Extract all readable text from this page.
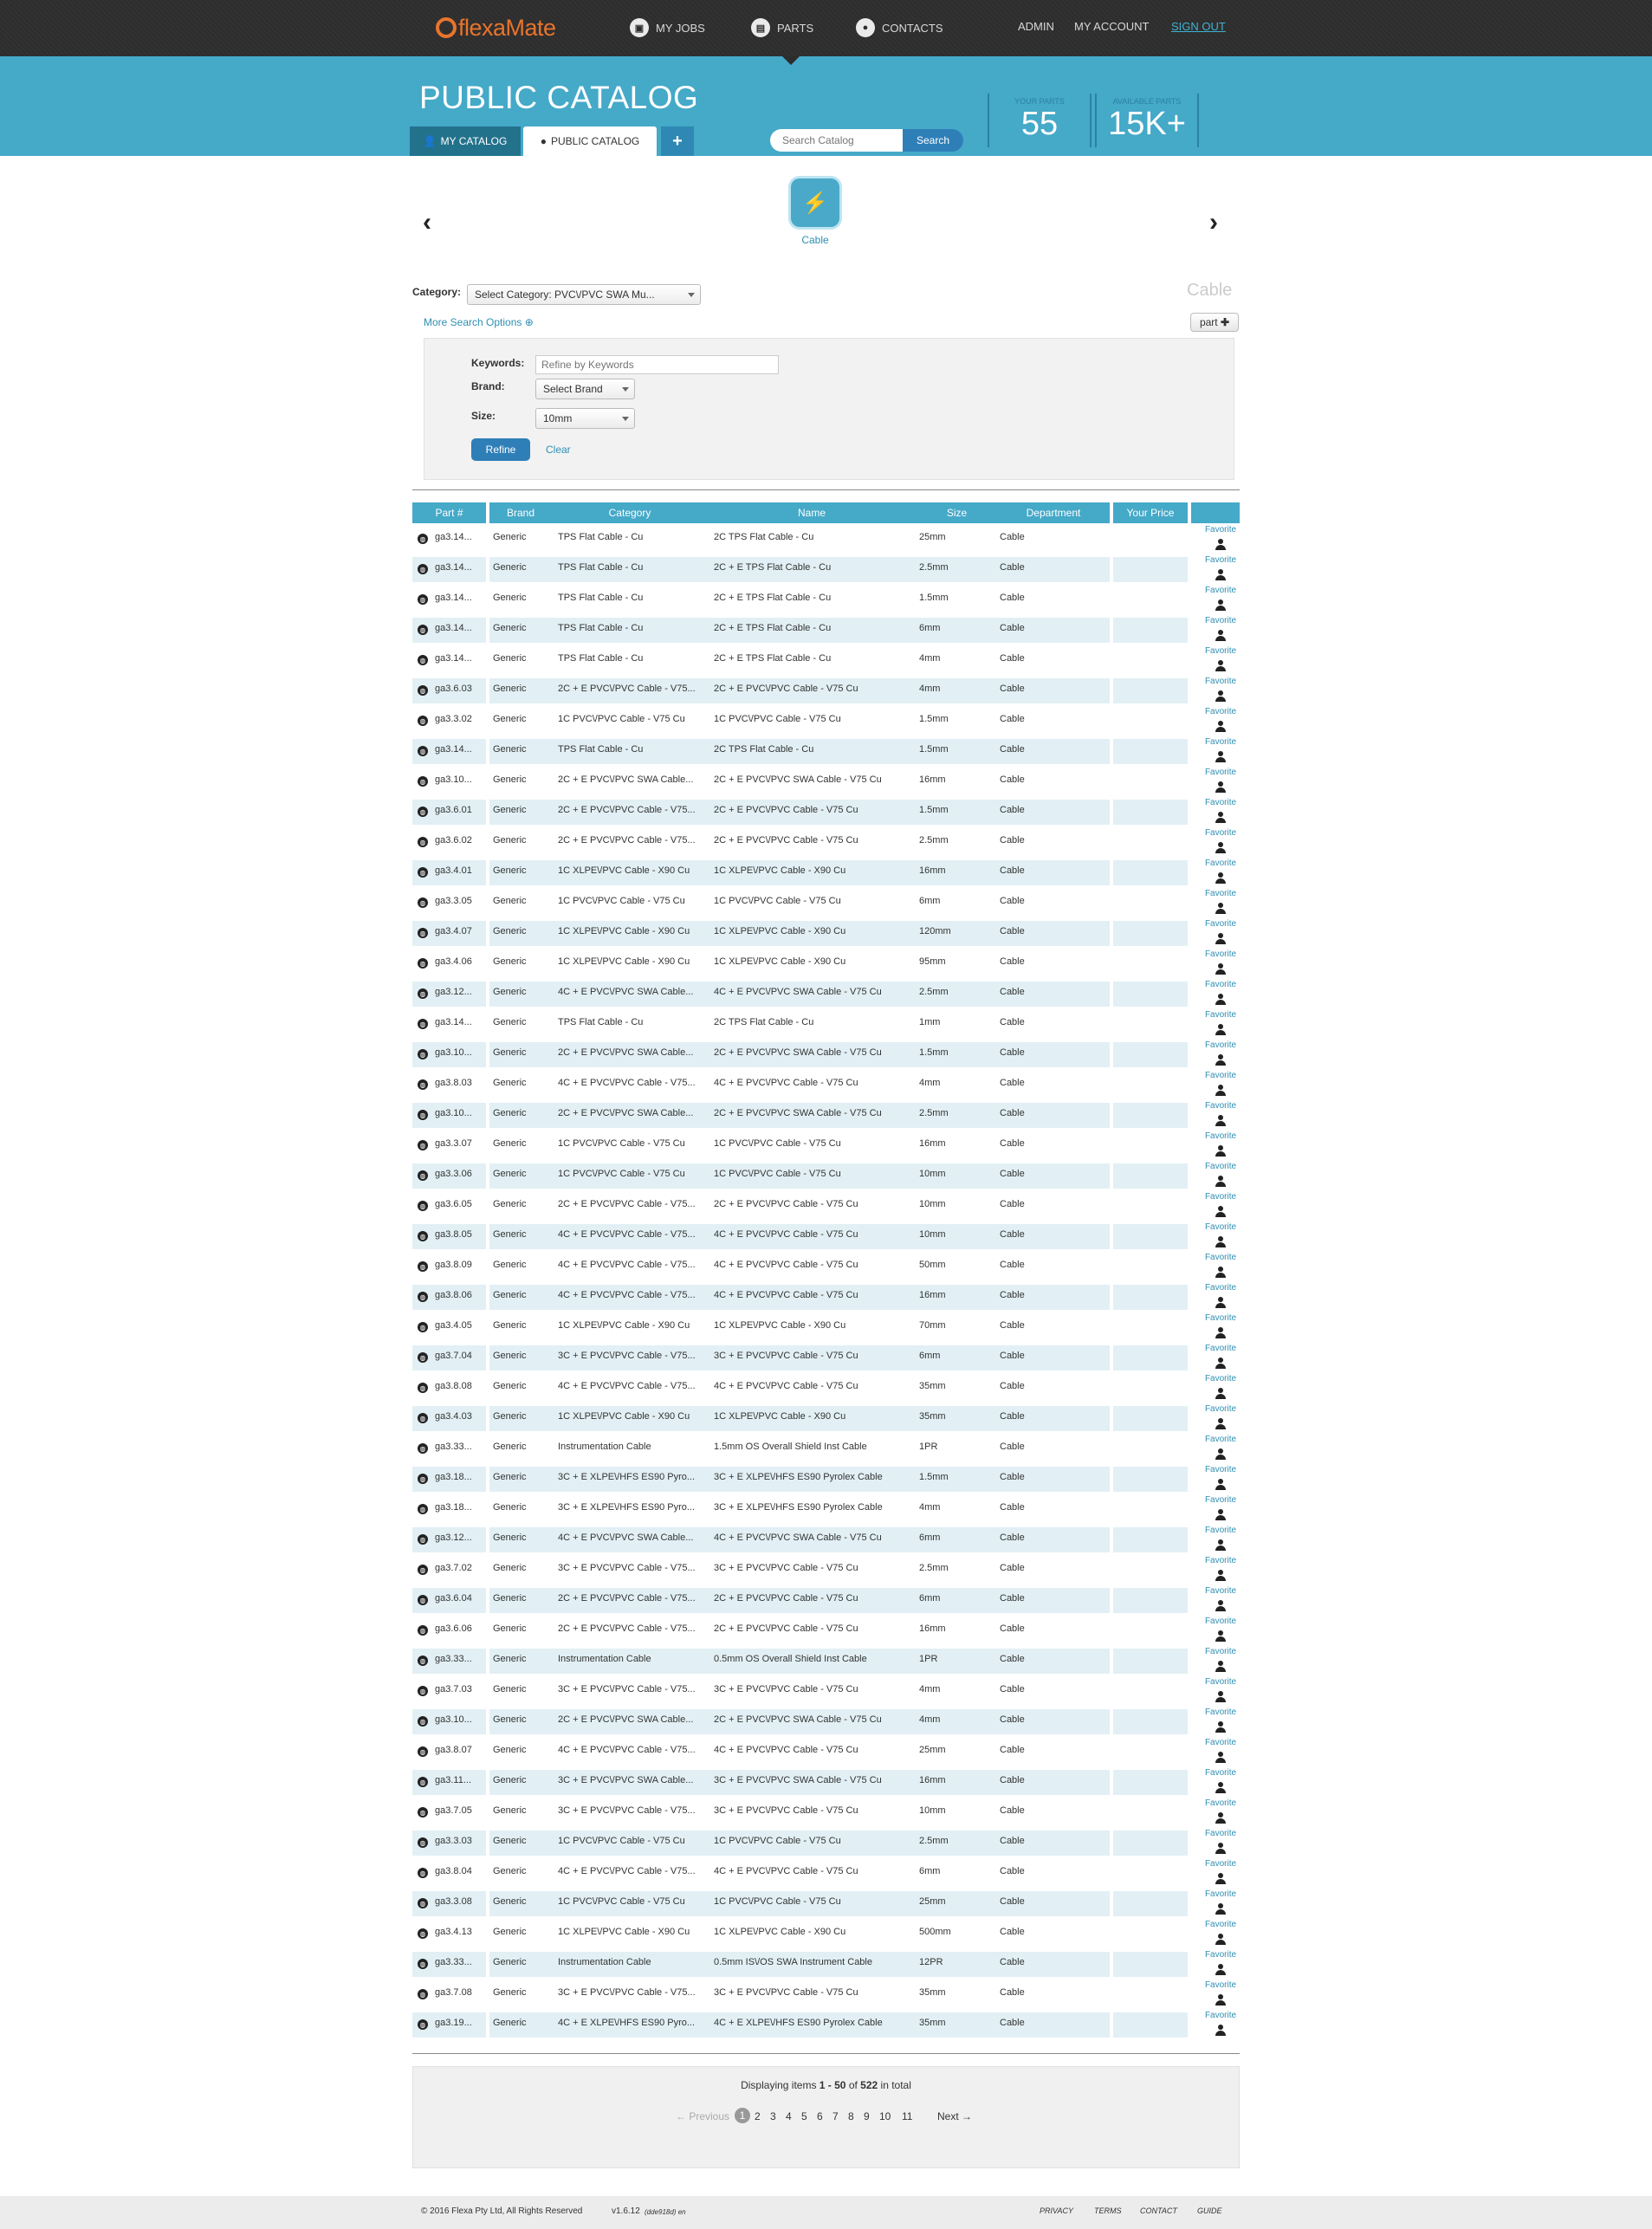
flexaMate	▣	MY JOBS	▤	PARTS	●	CONTACTS	ADMIN MY ACCOUNT SIGN OUT
PUBLIC CATALOG
👤 MY CATALOG	● PUBLIC CATALOG	+
Search Catalog	Search
YOUR PARTS
55
AVAILABLE PARTS
15K+
‹	›
⚡
Cable
Category:	Select Category: PVC\/PVC SWA Mu...	Cable
More Search Options ⊕	part
✚
Keywords:
Refine by Keywords
Brand:	Select Brand
Size:	10mm
Refine	Clear
Part #	Brand	Category	Name	Size	Department	Your Price
◍ ga3.14...	Generic	TPS Flat Cable - Cu	2C TPS Flat Cable - Cu	25mm	Cable
Favorite
◍ ga3.14...	Generic	TPS Flat Cable - Cu	2C + E TPS Flat Cable - Cu	2.5mm	Cable
Favorite
◍ ga3.14...	Generic	TPS Flat Cable - Cu	2C + E TPS Flat Cable - Cu	1.5mm	Cable
Favorite
◍ ga3.14...	Generic	TPS Flat Cable - Cu	2C + E TPS Flat Cable - Cu	6mm	Cable
Favorite
◍ ga3.14...	Generic	TPS Flat Cable - Cu	2C + E TPS Flat Cable - Cu	4mm	Cable
Favorite
◍ ga3.6.03	Generic	2C + E PVC\/PVC Cable - V75...	2C + E PVC\/PVC Cable - V75 Cu	4mm	Cable
Favorite
◍ ga3.3.02	Generic	1C PVC\/PVC Cable - V75 Cu	1C PVC\/PVC Cable - V75 Cu	1.5mm	Cable
Favorite
◍ ga3.14...	Generic	TPS Flat Cable - Cu	2C TPS Flat Cable - Cu	1.5mm	Cable
Favorite
◍ ga3.10...	Generic	2C + E PVC\/PVC SWA Cable...	2C + E PVC\/PVC SWA Cable - V75 Cu	16mm	Cable
Favorite
◍ ga3.6.01	Generic	2C + E PVC\/PVC Cable - V75...	2C + E PVC\/PVC Cable - V75 Cu	1.5mm	Cable
Favorite
◍ ga3.6.02	Generic	2C + E PVC\/PVC Cable - V75...	2C + E PVC\/PVC Cable - V75 Cu	2.5mm	Cable
Favorite
◍ ga3.4.01	Generic	1C XLPE\/PVC Cable - X90 Cu	1C XLPE\/PVC Cable - X90 Cu	16mm	Cable
Favorite
◍ ga3.3.05	Generic	1C PVC\/PVC Cable - V75 Cu	1C PVC\/PVC Cable - V75 Cu	6mm	Cable
Favorite
◍ ga3.4.07	Generic	1C XLPE\/PVC Cable - X90 Cu	1C XLPE\/PVC Cable - X90 Cu	120mm	Cable
Favorite
◍ ga3.4.06	Generic	1C XLPE\/PVC Cable - X90 Cu	1C XLPE\/PVC Cable - X90 Cu	95mm	Cable
Favorite
◍ ga3.12...	Generic	4C + E PVC\/PVC SWA Cable...	4C + E PVC\/PVC SWA Cable - V75 Cu	2.5mm	Cable
Favorite
◍ ga3.14...	Generic	TPS Flat Cable - Cu	2C TPS Flat Cable - Cu	1mm	Cable
Favorite
◍ ga3.10...	Generic	2C + E PVC\/PVC SWA Cable...	2C + E PVC\/PVC SWA Cable - V75 Cu	1.5mm	Cable
Favorite
◍ ga3.8.03	Generic	4C + E PVC\/PVC Cable - V75...	4C + E PVC\/PVC Cable - V75 Cu	4mm	Cable
Favorite
◍ ga3.10...	Generic	2C + E PVC\/PVC SWA Cable...	2C + E PVC\/PVC SWA Cable - V75 Cu	2.5mm	Cable
Favorite
◍ ga3.3.07	Generic	1C PVC\/PVC Cable - V75 Cu	1C PVC\/PVC Cable - V75 Cu	16mm	Cable
Favorite
◍ ga3.3.06	Generic	1C PVC\/PVC Cable - V75 Cu	1C PVC\/PVC Cable - V75 Cu	10mm	Cable
Favorite
◍ ga3.6.05	Generic	2C + E PVC\/PVC Cable - V75...	2C + E PVC\/PVC Cable - V75 Cu	10mm	Cable
Favorite
◍ ga3.8.05	Generic	4C + E PVC\/PVC Cable - V75...	4C + E PVC\/PVC Cable - V75 Cu	10mm	Cable
Favorite
◍ ga3.8.09	Generic	4C + E PVC\/PVC Cable - V75...	4C + E PVC\/PVC Cable - V75 Cu	50mm	Cable
Favorite
◍ ga3.8.06	Generic	4C + E PVC\/PVC Cable - V75...	4C + E PVC\/PVC Cable - V75 Cu	16mm	Cable
Favorite
◍ ga3.4.05	Generic	1C XLPE\/PVC Cable - X90 Cu	1C XLPE\/PVC Cable - X90 Cu	70mm	Cable
Favorite
◍ ga3.7.04	Generic	3C + E PVC\/PVC Cable - V75...	3C + E PVC\/PVC Cable - V75 Cu	6mm	Cable
Favorite
◍ ga3.8.08	Generic	4C + E PVC\/PVC Cable - V75...	4C + E PVC\/PVC Cable - V75 Cu	35mm	Cable
Favorite
◍ ga3.4.03	Generic	1C XLPE\/PVC Cable - X90 Cu	1C XLPE\/PVC Cable - X90 Cu	35mm	Cable
Favorite
◍ ga3.33...	Generic	Instrumentation Cable	1.5mm OS Overall Shield Inst Cable	1PR	Cable
Favorite
◍ ga3.18...	Generic	3C + E XLPE\/HFS ES90 Pyro...	3C + E XLPE\/HFS ES90 Pyrolex Cable	1.5mm	Cable
Favorite
◍ ga3.18...	Generic	3C + E XLPE\/HFS ES90 Pyro...	3C + E XLPE\/HFS ES90 Pyrolex Cable	4mm	Cable
Favorite
◍ ga3.12...	Generic	4C + E PVC\/PVC SWA Cable...	4C + E PVC\/PVC SWA Cable - V75 Cu	6mm	Cable
Favorite
◍ ga3.7.02	Generic	3C + E PVC\/PVC Cable - V75...	3C + E PVC\/PVC Cable - V75 Cu	2.5mm	Cable
Favorite
◍ ga3.6.04	Generic	2C + E PVC\/PVC Cable - V75...	2C + E PVC\/PVC Cable - V75 Cu	6mm	Cable
Favorite
◍ ga3.6.06	Generic	2C + E PVC\/PVC Cable - V75...	2C + E PVC\/PVC Cable - V75 Cu	16mm	Cable
Favorite
◍ ga3.33...	Generic	Instrumentation Cable	0.5mm OS Overall Shield Inst Cable	1PR	Cable
Favorite
◍ ga3.7.03	Generic	3C + E PVC\/PVC Cable - V75...	3C + E PVC\/PVC Cable - V75 Cu	4mm	Cable
Favorite
◍ ga3.10...	Generic	2C + E PVC\/PVC SWA Cable...	2C + E PVC\/PVC SWA Cable - V75 Cu	4mm	Cable
Favorite
◍ ga3.8.07	Generic	4C + E PVC\/PVC Cable - V75...	4C + E PVC\/PVC Cable - V75 Cu	25mm	Cable
Favorite
◍ ga3.11...	Generic	3C + E PVC\/PVC SWA Cable...	3C + E PVC\/PVC SWA Cable - V75 Cu	16mm	Cable
Favorite
◍ ga3.7.05	Generic	3C + E PVC\/PVC Cable - V75...	3C + E PVC\/PVC Cable - V75 Cu	10mm	Cable
Favorite
◍ ga3.3.03	Generic	1C PVC\/PVC Cable - V75 Cu	1C PVC\/PVC Cable - V75 Cu	2.5mm	Cable
Favorite
◍ ga3.8.04	Generic	4C + E PVC\/PVC Cable - V75...	4C + E PVC\/PVC Cable - V75 Cu	6mm	Cable
Favorite
◍ ga3.3.08	Generic	1C PVC\/PVC Cable - V75 Cu	1C PVC\/PVC Cable - V75 Cu	25mm	Cable
Favorite
◍ ga3.4.13	Generic	1C XLPE\/PVC Cable - X90 Cu	1C XLPE\/PVC Cable - X90 Cu	500mm	Cable
Favorite
◍ ga3.33...	Generic	Instrumentation Cable	0.5mm IS\/OS SWA Instrument Cable	12PR	Cable
Favorite
◍ ga3.7.08	Generic	3C + E PVC\/PVC Cable - V75...	3C + E PVC\/PVC Cable - V75 Cu	35mm	Cable
Favorite
◍ ga3.19...	Generic	4C + E XLPE\/HFS ES90 Pyro...	4C + E XLPE\/HFS ES90 Pyrolex Cable	35mm	Cable
Favorite
Displaying items 1 - 50 of 522 in total
← Previous 1 2 3 4 5 6 7 8 9 10 11 Next →
© 2016 Flexa Pty Ltd, All Rights Reserved	v1.6.12 (dde918d) en	PRIVACY	TERMS CONTACT	GUIDE
